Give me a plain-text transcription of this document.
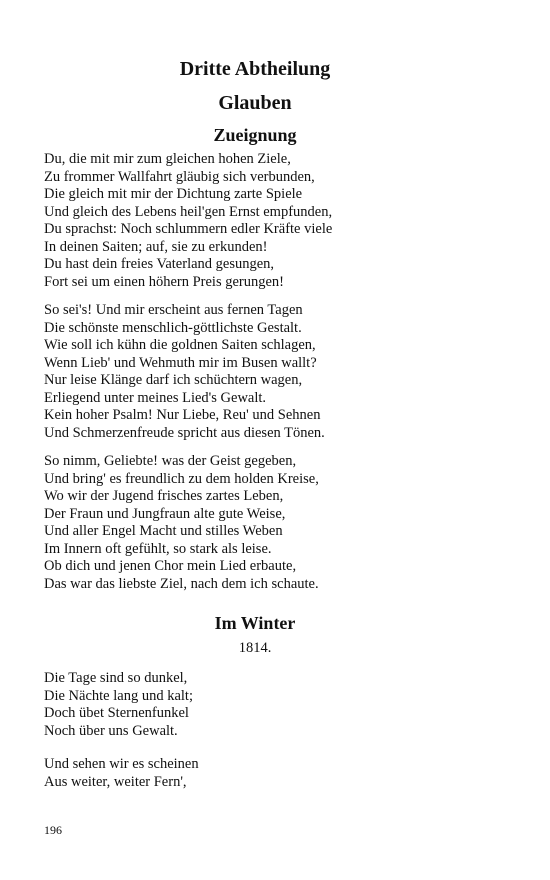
Dritte Abtheilung
Glauben
Zueignung
Du, die mit mir zum gleichen hohen Ziele,
Zu frommer Wallfahrt gläubig sich verbunden,
Die gleich mit mir der Dichtung zarte Spiele
Und gleich des Lebens heil'gen Ernst empfunden,
Du sprachst: Noch schlummern edler Kräfte viele
In deinen Saiten; auf, sie zu erkunden!
Du hast dein freies Vaterland gesungen,
Fort sei um einen höhern Preis gerungen!
So sei's! Und mir erscheint aus fernen Tagen
Die schönste menschlich-göttlichste Gestalt.
Wie soll ich kühn die goldnen Saiten schlagen,
Wenn Lieb' und Wehmuth mir im Busen wallt?
Nur leise Klänge darf ich schüchtern wagen,
Erliegend unter meines Lied's Gewalt.
Kein hoher Psalm! Nur Liebe, Reu' und Sehnen
Und Schmerzenfreude spricht aus diesen Tönen.
So nimm, Geliebte! was der Geist gegeben,
Und bring' es freundlich zu dem holden Kreise,
Wo wir der Jugend frisches zartes Leben,
Der Fraun und Jungfraun alte gute Weise,
Und aller Engel Macht und stilles Weben
Im Innern oft gefühlt, so stark als leise.
Ob dich und jenen Chor mein Lied erbaute,
Das war das liebste Ziel, nach dem ich schaute.
Im Winter
1814.
Die Tage sind so dunkel,
Die Nächte lang und kalt;
Doch übet Sternenfunkel
Noch über uns Gewalt.
Und sehen wir es scheinen
Aus weiter, weiter Fern',
196
